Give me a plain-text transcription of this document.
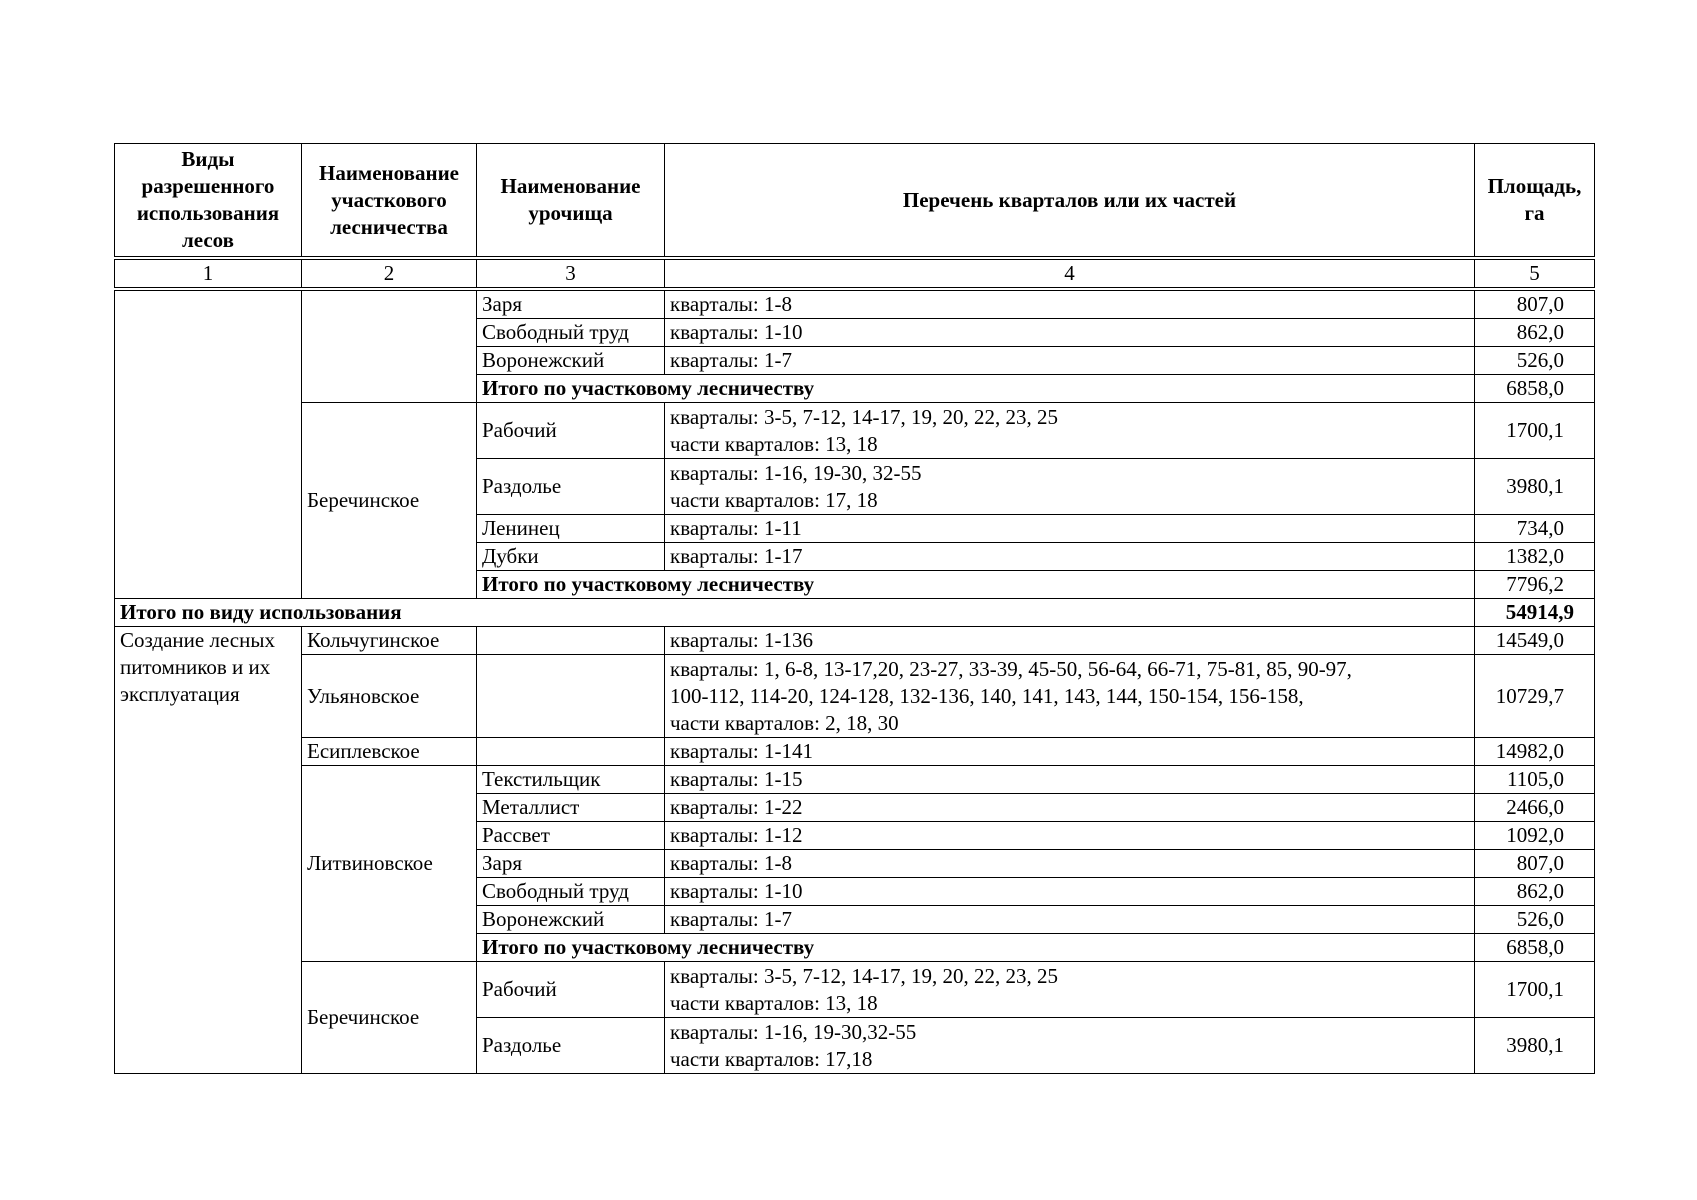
Виды разрешенного использования лесов	Наименование участкового лесничества	Наименование урочища	Перечень кварталов или их частей	Площадь, га
1	2	3	4	5
		Заря	кварталы: 1-8	807,0
		Свободный труд	кварталы: 1-10	862,0
		Воронежский	кварталы: 1-7	526,0
		Итого по участковому лесничеству		6858,0
	Беречинское	Рабочий	кварталы: 3-5, 7-12, 14-17, 19, 20, 22, 23, 25
части кварталов: 13, 18	1700,1
		Раздолье	кварталы: 1-16, 19-30, 32-55
части кварталов: 17, 18	3980,1
		Ленинец	кварталы: 1-11	734,0
		Дубки	кварталы: 1-17	1382,0
		Итого по участковому лесничеству		7796,2
Итого по виду использования				54914,9
Создание лесных питомников и их эксплуатация	Кольчугинское		кварталы: 1-136	14549,0
	Ульяновское		кварталы: 1, 6-8, 13-17,20, 23-27, 33-39, 45-50, 56-64, 66-71, 75-81, 85, 90-97,
100-112, 114-20, 124-128, 132-136, 140, 141, 143, 144, 150-154, 156-158,
части кварталов: 2, 18, 30	10729,7
	Есиплевское		кварталы: 1-141	14982,0
	Литвиновское	Текстильщик	кварталы: 1-15	1105,0
		Металлист	кварталы: 1-22	2466,0
		Рассвет	кварталы: 1-12	1092,0
		Заря	кварталы: 1-8	807,0
		Свободный труд	кварталы: 1-10	862,0
		Воронежский	кварталы: 1-7	526,0
		Итого по участковому лесничеству		6858,0
	Беречинское	Рабочий	кварталы: 3-5, 7-12, 14-17, 19, 20, 22, 23, 25
части кварталов: 13, 18	1700,1
		Раздолье	кварталы: 1-16, 19-30,32-55
части кварталов: 17,18	3980,1
